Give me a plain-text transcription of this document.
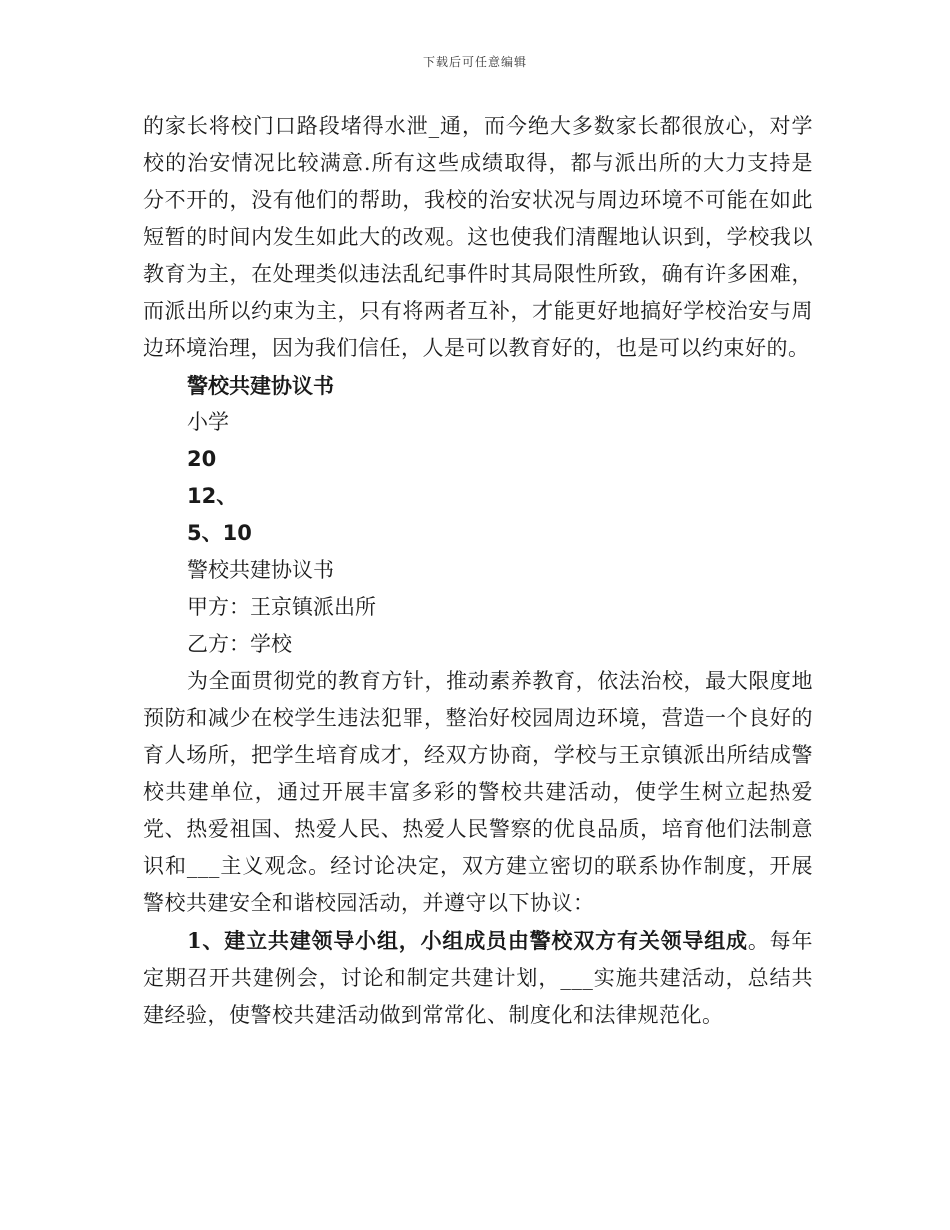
下载后可任意编辑

的家长将校门口路段堵得水泄_通，而今绝大多数家长都很放心，对学校的治安情况比较满意.所有这些成绩取得，都与派出所的大力支持是分不开的，没有他们的帮助，我校的治安状况与周边环境不可能在如此短暂的时间内发生如此大的改观。这也使我们清醒地认识到，学校我以教育为主，在处理类似违法乱纪事件时其局限性所致，确有许多困难，而派出所以约束为主，只有将两者互补，才能更好地搞好学校治安与周边环境治理，因为我们信任，人是可以教育好的，也是可以约束好的。

警校共建协议书

小学

20

12、

5、10

警校共建协议书

甲方：王京镇派出所

乙方：学校

为全面贯彻党的教育方针，推动素养教育，依法治校，最大限度地预防和减少在校学生违法犯罪，整治好校园周边环境，营造一个良好的育人场所，把学生培育成才，经双方协商，学校与王京镇派出所结成警校共建单位，通过开展丰富多彩的警校共建活动，使学生树立起热爱党、热爱祖国、热爱人民、热爱人民警察的优良品质，培育他们法制意识和___主义观念。经讨论决定，双方建立密切的联系协作制度，开展警校共建安全和谐校园活动，并遵守以下协议：

1、建立共建领导小组，小组成员由警校双方有关领导组成。每年定期召开共建例会，讨论和制定共建计划，___实施共建活动，总结共建经验，使警校共建活动做到常常化、制度化和法律规范化。
